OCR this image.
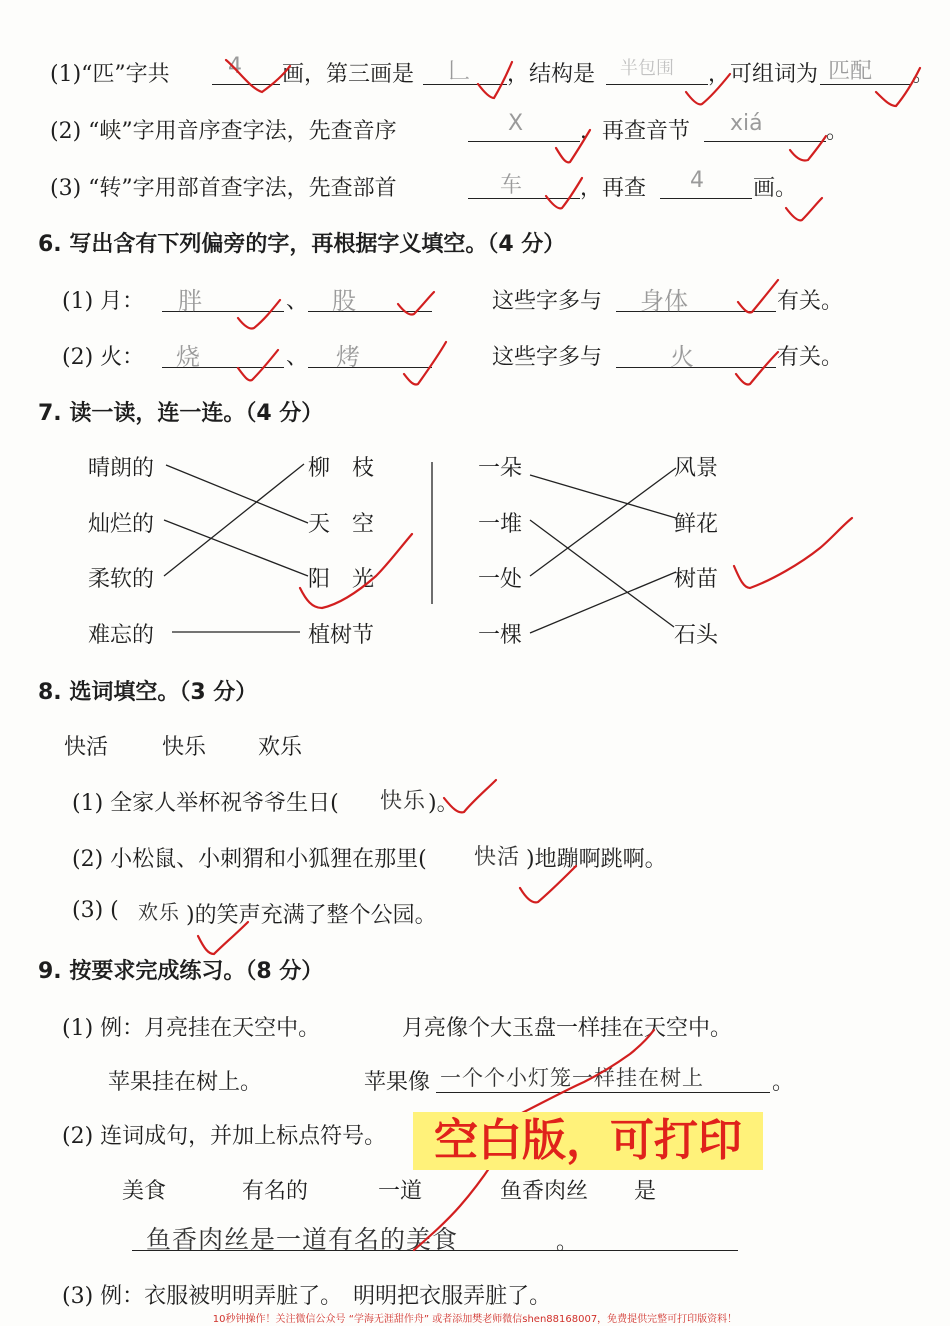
(1)“匹”字共	4 画，第三画是 𠃊 ，结构是 半包围 ，可组词为 匹配 。
(2) “峡”字用音序查字法，先查音序	X	，再查音节 xiá	。
(3) “转”字用部首查字法，先查部首	车	，再查 4 画。
6. 写出含有下列偏旁的字，再根据字义填空。（4 分）
(1) 月： 胖	、 股	这些字多与 身体	有关。
(2) 火： 烧	、 烤	这些字多与	火	有关。
7. 读一读，连一连。（4 分）
晴朗的
灿烂的
柔软的
难忘的
柳　枝
天　空
阳　光
植树节
一朵
一堆
一处
一棵
风景
鲜花
树苗
石头
8. 选词填空。（3 分）
快活 快乐 欢乐
(1) 全家人举杯祝爷爷生日( 快乐 )。
(2) 小松鼠、小刺猬和小狐狸在那里( 快活 )地蹦啊跳啊。
(3) ( 欢乐 )的笑声充满了整个公园。
9. 按要求完成练习。（8 分）
(1) 例：月亮挂在天空中。	月亮像个大玉盘一样挂在天空中。
苹果挂在树上。	苹果像 一个个小灯笼一样挂在树上	。
(2) 连词成句，并加上标点符号。
美食	有名的	一道	鱼香肉丝 是
鱼香肉丝是一道有名的美食	。
(3) 例：衣服被明明弄脏了。　明明把衣服弄脏了。
空白版，可打印
10秒钟操作！关注微信公众号 “学海无涯甜作舟” 或者添加樊老师微信shen88168007，免费提供完整可打印版资料！
